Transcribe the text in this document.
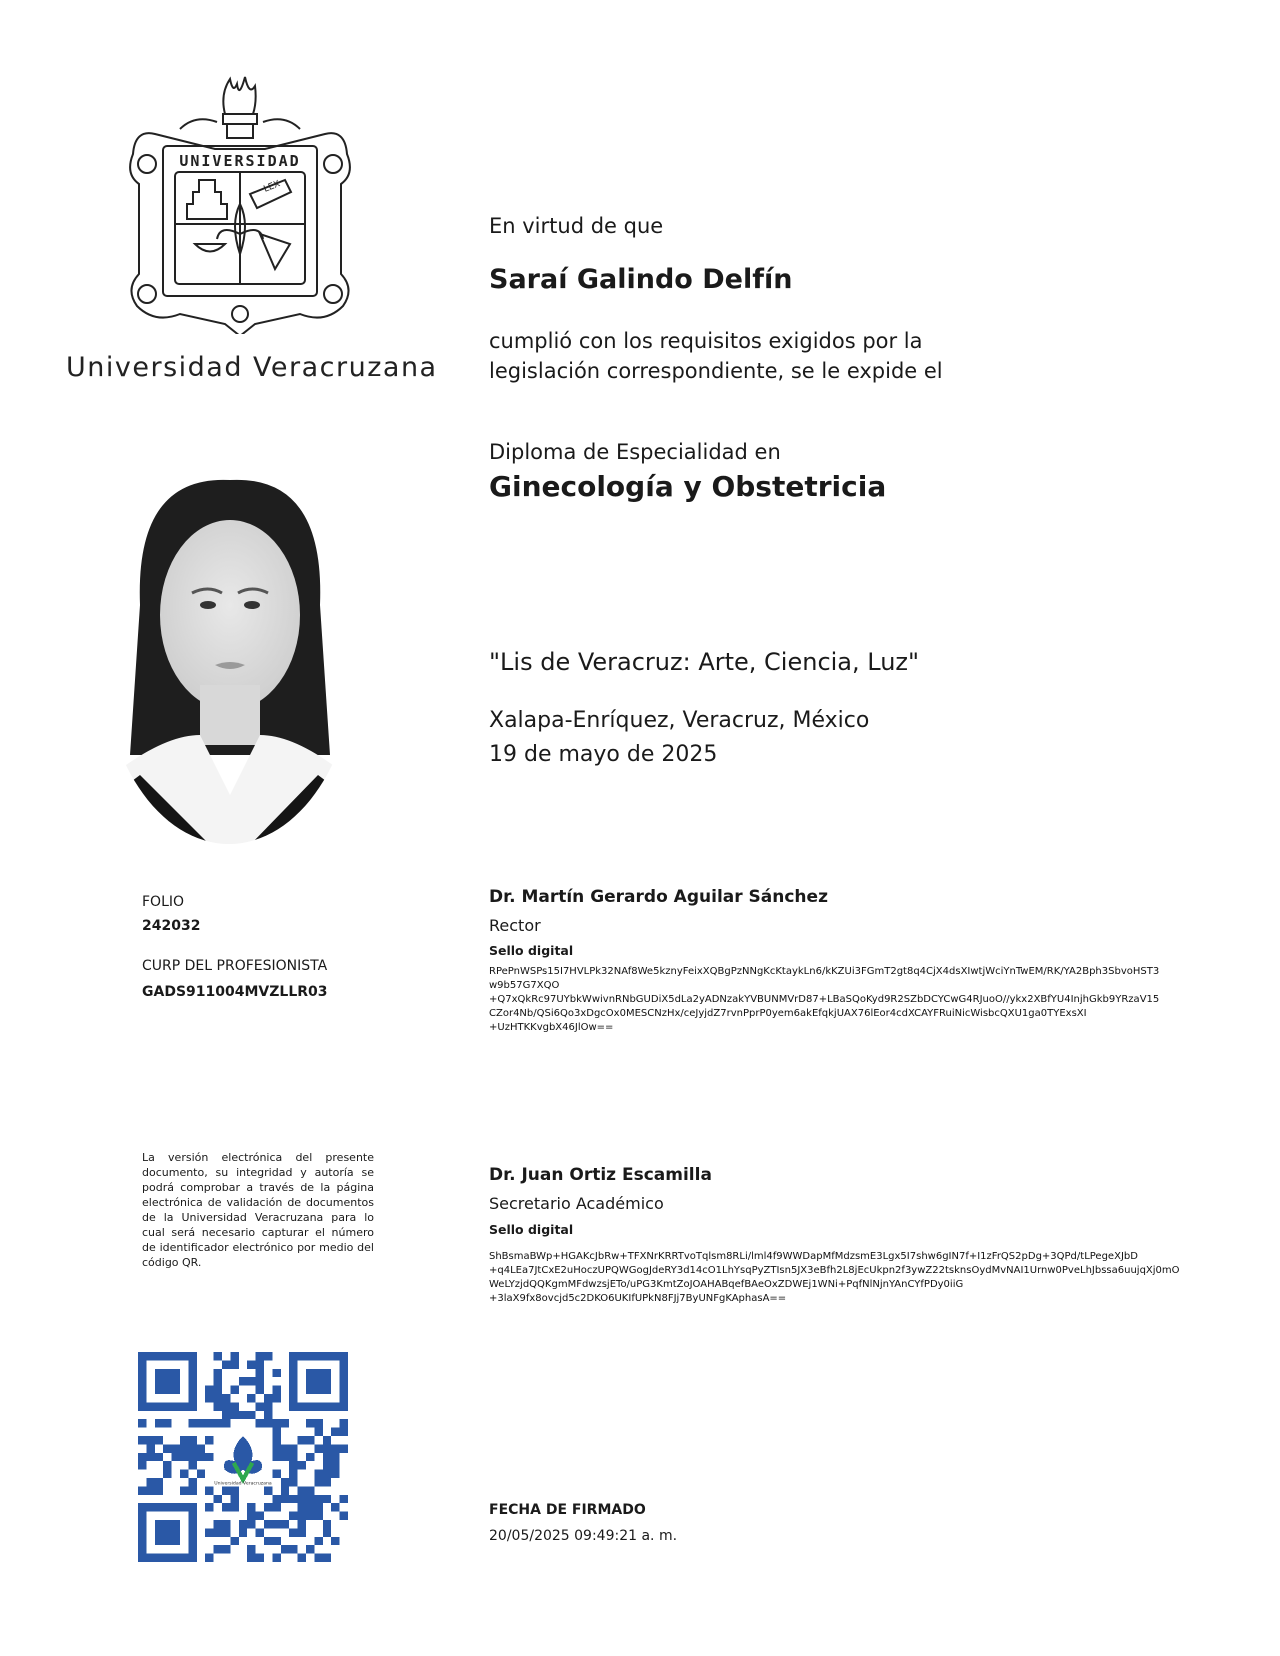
UNIVERSIDAD
LEX
Universidad Veracruzana
En virtud de que
Saraí Galindo Delfín
cumplió con los requisitos exigidos por la
legislación correspondiente, se le expide el
Diploma de Especialidad en
Ginecología y Obstetricia
"Lis de Veracruz: Arte, Ciencia, Luz"
Xalapa-Enríquez, Veracruz, México
19 de mayo de 2025
FOLIO
242032
CURP DEL PROFESIONISTA
GADS911004MVZLLR03
Dr. Martín Gerardo Aguilar Sánchez
Rector
Sello digital
RPePnWSPs15I7HVLPk32NAf8We5kznyFeixXQBgPzNNgKcKtaykLn6/kKZUi3FGmT2gt8q4CjX4dsXIwtjWciYnTwEM/RK/YA2Bph3SbvoHST3
w9b57G7XQO
+Q7xQkRc97UYbkWwivnRNbGUDiX5dLa2yADNzakYVBUNMVrD87+LBaSQoKyd9R2SZbDCYCwG4RJuoO//ykx2XBfYU4InjhGkb9YRzaV15
CZor4Nb/QSi6Qo3xDgcOx0MESCNzHx/ceJyjdZ7rvnPprP0yem6akEfqkjUAX76lEor4cdXCAYFRuiNicWisbcQXU1ga0TYExsXI
+UzHTKKvgbX46JlOw==
La versión electrónica del presente documento, su integridad y autoría se podrá comprobar a través de la página electrónica de validación de documentos de la Universidad Veracruzana para lo cual será necesario capturar el número de identificador electrónico por medio del código QR.
Dr. Juan Ortiz Escamilla
Secretario Académico
Sello digital
ShBsmaBWp+HGAKcJbRw+TFXNrKRRTvoTqlsm8RLi/lml4f9WWDapMfMdzsmE3Lgx5I7shw6gIN7f+I1zFrQS2pDg+3QPd/tLPegeXJbD
+q4LEa7JtCxE2uHoczUPQWGogJdeRY3d14cO1LhYsqPyZTIsn5JX3eBfh2L8jEcUkpn2f3ywZ22tsknsOydMvNAI1Urnw0PveLhJbssa6uujqXj0mO
WeLYzjdQQKgmMFdwzsjETo/uPG3KmtZoJOAHABqefBAeOxZDWEj1WNi+PqfNlNjnYAnCYfPDy0iiG
+3laX9fx8ovcjd5c2DKO6UKIfUPkN8FJj7ByUNFgKAphasA==
FECHA DE FIRMADO
20/05/2025 09:49:21 a. m.
